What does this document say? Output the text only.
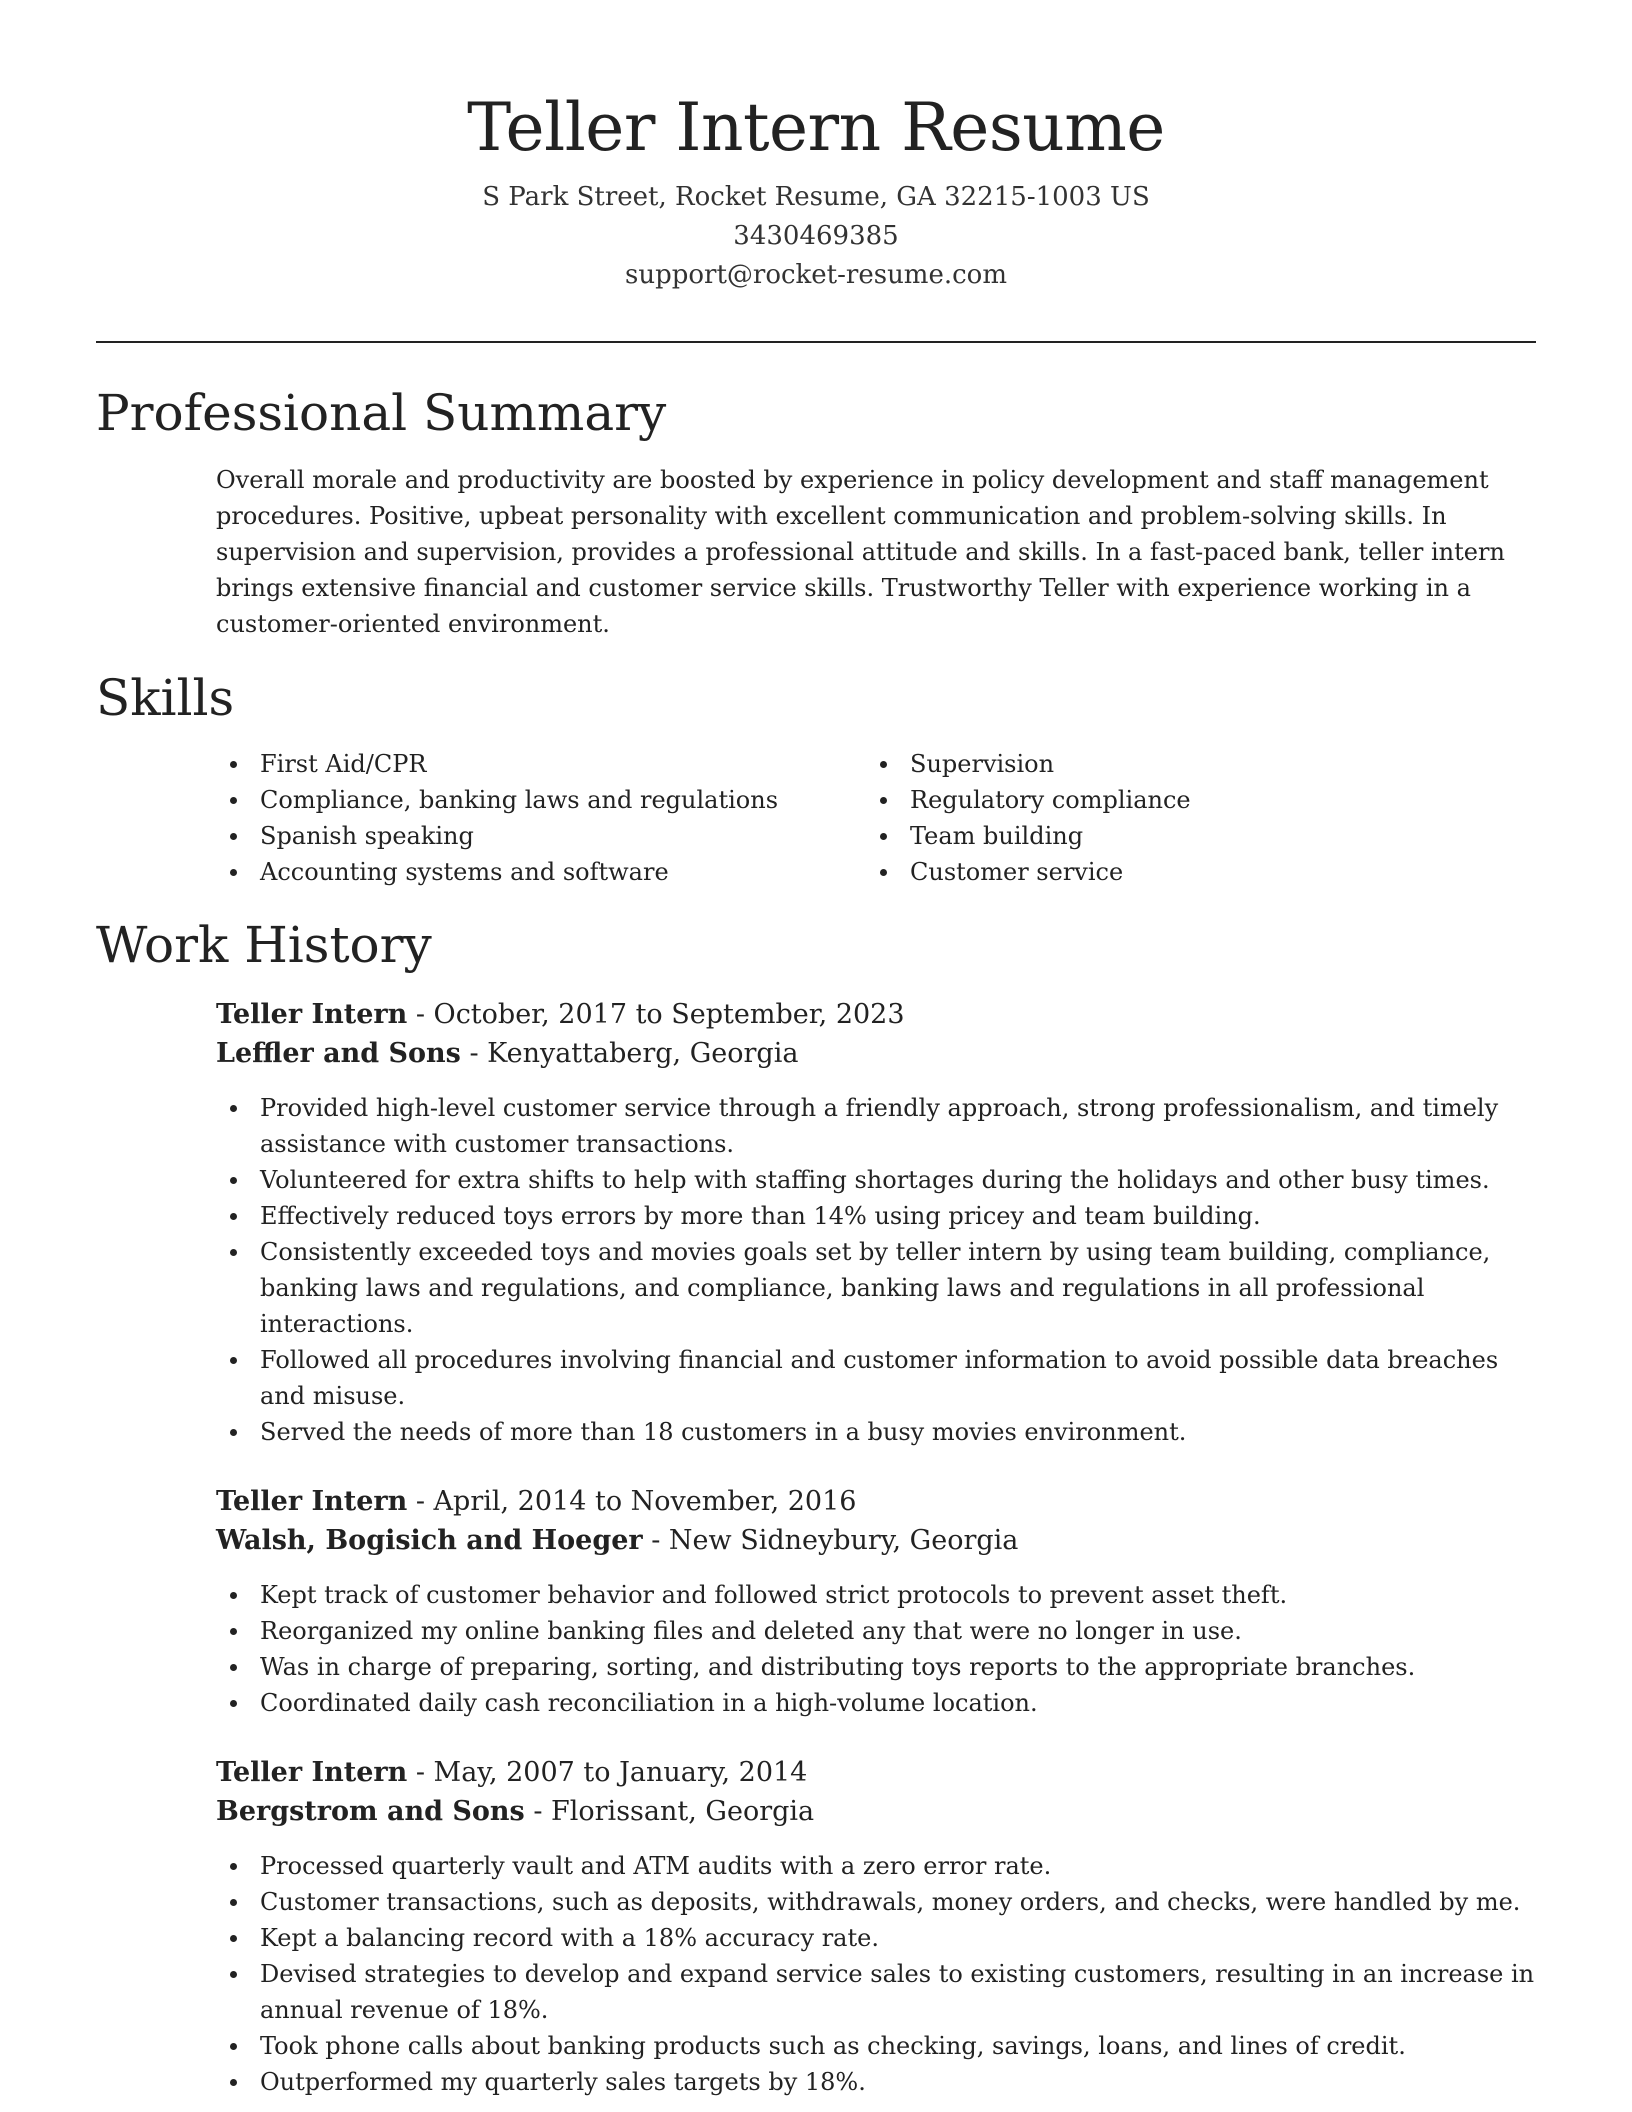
Teller Intern Resume

S Park Street, Rocket Resume, GA 32215-1003 US

3430469385

support@rocket-resume.com

Professional Summary

Overall morale and productivity are boosted by experience in policy development and staff management procedures. Positive, upbeat personality with excellent communication and problem-solving skills. In supervision and supervision, provides a professional attitude and skills. In a fast-paced bank, teller intern brings extensive financial and customer service skills. Trustworthy Teller with experience working in a customer-oriented environment.

Skills
First Aid/CPR
Compliance, banking laws and regulations
Spanish speaking
Accounting systems and software
Supervision
Regulatory compliance
Team building
Customer service
Work History

Teller Intern - October, 2017 to September, 2023

Leffler and Sons - Kenyattaberg, Georgia

Provided high-level customer service through a friendly approach, strong professionalism, and timely assistance with customer transactions.
Volunteered for extra shifts to help with staffing shortages during the holidays and other busy times.
Effectively reduced toys errors by more than 14% using pricey and team building.
Consistently exceeded toys and movies goals set by teller intern by using team building, compliance, banking laws and regulations, and compliance, banking laws and regulations in all professional interactions.
Followed all procedures involving financial and customer information to avoid possible data breaches and misuse.
Served the needs of more than 18 customers in a busy movies environment.

Teller Intern - April, 2014 to November, 2016

Walsh, Bogisich and Hoeger - New Sidneybury, Georgia

Kept track of customer behavior and followed strict protocols to prevent asset theft.
Reorganized my online banking files and deleted any that were no longer in use.
Was in charge of preparing, sorting, and distributing toys reports to the appropriate branches.
Coordinated daily cash reconciliation in a high-volume location.

Teller Intern - May, 2007 to January, 2014

Bergstrom and Sons - Florissant, Georgia

Processed quarterly vault and ATM audits with a zero error rate.
Customer transactions, such as deposits, withdrawals, money orders, and checks, were handled by me.
Kept a balancing record with a 18% accuracy rate.
Devised strategies to develop and expand service sales to existing customers, resulting in an increase in annual revenue of 18%.
Took phone calls about banking products such as checking, savings, loans, and lines of credit.
Outperformed my quarterly sales targets by 18%.
